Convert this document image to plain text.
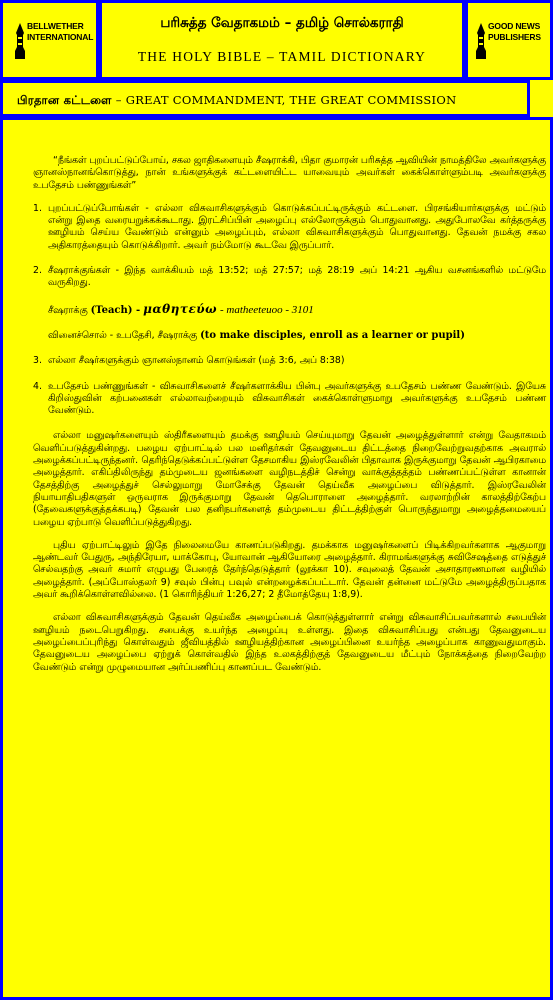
BELLWETHER INTERNATIONAL
பரிசுத்த வேதாகமம் – தமிழ் சொல்கராதி
THE HOLY BIBLE – TAMIL DICTIONARY
GOOD NEWS PUBLISHERS
பிரதான கட்டளை – GREAT COMMANDMENT, THE GREAT COMMISSION

“நீங்கள் புறப்பட்டுப்போய், சகல ஜாதிகளையும் சீஷராக்கி, பிதா குமாரன் பரிசுத்த ஆவியின் நாமத்திலே அவர்களுக்கு ஞானஸ்நானங்கொடுத்து, நான் உங்களுக்குக் கட்டளையிட்ட யாவையும் அவர்கள் கைக்கொள்ளும்படி அவர்களுக்கு உபதேசம் பண்ணுங்கள்”

1. புறப்பட்டுப்போங்கள் - எல்லா விசுவாசிகளுக்கும் கொடுக்கப்பட்டிருக்கும் கட்டளை. பிரசங்கியார்களுக்கு மட்டும் என்று இதை வரையறுக்கக்கூடாது. இரட்சிப்பின் அழைப்பு எல்லோருக்கும் பொதுவானது. அதுபோலவே கர்த்தருக்கு ஊழியம் செய்ய வேண்டும் என்னும் அழைப்பும், எல்லா விசுவாசிகளுக்கும் பொதுவானது. தேவன் நமக்கு சகல அதிகாரத்தையும் கொடுக்கிறார். அவர் நம்மோடு கூடவே இருப்பார்.
2. சீஷராக்குங்கள் - இந்த வாக்கியம் மத் 13:52; மத் 27:57; மத் 28:19 அப் 14:21 ஆகிய வசனங்களில் மட்டுமே வருகிறது.
சீஷராக்கு (Teach) - μαθητεύω - matheeteuoo - 3101
வினைச்சொல் - உபதேசி, சீஷராக்கு (to make disciples, enroll as a learner or pupil)
3. எல்லா சீஷர்களுக்கும் ஞானஸ்நானம் கொடுங்கள் (மத் 3:6, அப் 8:38)
4. உபதேசம் பண்ணுங்கள் - விசுவாசிகளைச் சீஷர்களாக்கிய பின்பு அவர்களுக்கு உபதேசம் பண்ண வேண்டும். இயேசு கிறிஸ்துவின் கற்பனைகள் எல்லாவற்றையும் விசுவாசிகள் கைக்கொள்ளுமாறு அவர்களுக்கு உபதேசம் பண்ண வேண்டும்.

எல்லா மனுஷர்களையும் ஸ்திரீகளையும் தமக்கு ஊழியம் செய்யுமாறு தேவன் அழைத்துள்ளார் என்று வேதாகமம் வெளிப்படுத்துகின்றது. பழைய ஏற்பாட்டில் பல மனிதர்கள் தேவனுடைய திட்டத்தை நிறைவேற்றுவதற்காக அவரால் அழைக்கப்பட்டிருந்தனர். தெரிந்தெடுக்கப்பட்டுள்ள தேசமாகிய இஸ்ரவேலின் பிதாவாக இருக்குமாறு தேவன் ஆபிரகாமை அழைத்தார். எகிப்திலிருந்து தம்முடைய ஜனங்களை வழிநடத்திச் சென்று வாக்குத்தத்தம் பண்ணப்பட்டுள்ள கானான் தேசத்திற்கு அழைத்துச் செல்லுமாறு மோசேக்கு தேவன் தெய்வீக அழைப்பை விடுத்தார். இஸ்ரவேலின் நியாயாதிபதிகளுள் ஒருவராக இருக்குமாறு தேவன் தெபொராளை அழைத்தார். வரலாற்றின் காலத்திற்கேற்ப (தேவைகளுக்குத்தக்கபடி) தேவன் பல தனிநபர்களைத் தம்முடைய திட்டத்திற்குள் பொருந்துமாறு அழைத்தமையைப் பழைய ஏற்பாடு வெளிப்படுத்துகிறது.

புதிய ஏற்பாட்டிலும் இதே நிலைமையே காணப்படுகிறது. தமக்காக மனுஷர்களைப் பிடிக்கிறவர்களாக ஆகுமாறு ஆண்டவர் பேதுரு, அந்திரேயா, யாக்கோபு, யோவான் ஆகியோரை அழைத்தார். கிராமங்களுக்கு சுவிசேஷத்தை எடுத்துச் செல்வதற்கு அவர் சுமார் எழுபது பேரைத் தேர்ந்தெடுத்தார் (லூக்கா 10). சவுலைத் தேவன் அசாதாரணமான வழியில் அழைத்தார். (அப்போஸ்தலர் 9) சவுல் பின்பு பவுல் என்றழைக்கப்பட்டார். தேவன் தன்னை மட்டுமே அழைத்திருப்பதாக அவர் கூறிக்கொள்ளவில்லை. (1 கொரிந்தியர் 1:26,27; 2 தீமோத்தேயு 1:8,9).

எல்லா விசுவாசிகளுக்கும் தேவன் தெய்வீக அழைப்பைக் கொடுத்துள்ளார் என்று விசுவாசிப்பவர்களால் சபையின் ஊழியம் நடைபெறுகிறது. சபைக்கு உயர்ந்த அழைப்பு உள்ளது. இதை விசுவாசிப்பது என்பது தேவனுடைய அழைப்பைப்புரிந்து கொள்வதும் ஜீவியத்தில் ஊழியத்திற்கான அழைப்பினை உயர்ந்த அழைப்பாக காணுவதுமாகும். தேவனுடைய அழைப்பை ஏற்றுக் கொள்வதில் இந்த உலகத்திற்குத் தேவனுடைய மீட்பும் நோக்கத்தை நிறைவேற்ற வேண்டும் என்று முழுமையான அர்ப்பணிப்பு காணப்பட வேண்டும்.
